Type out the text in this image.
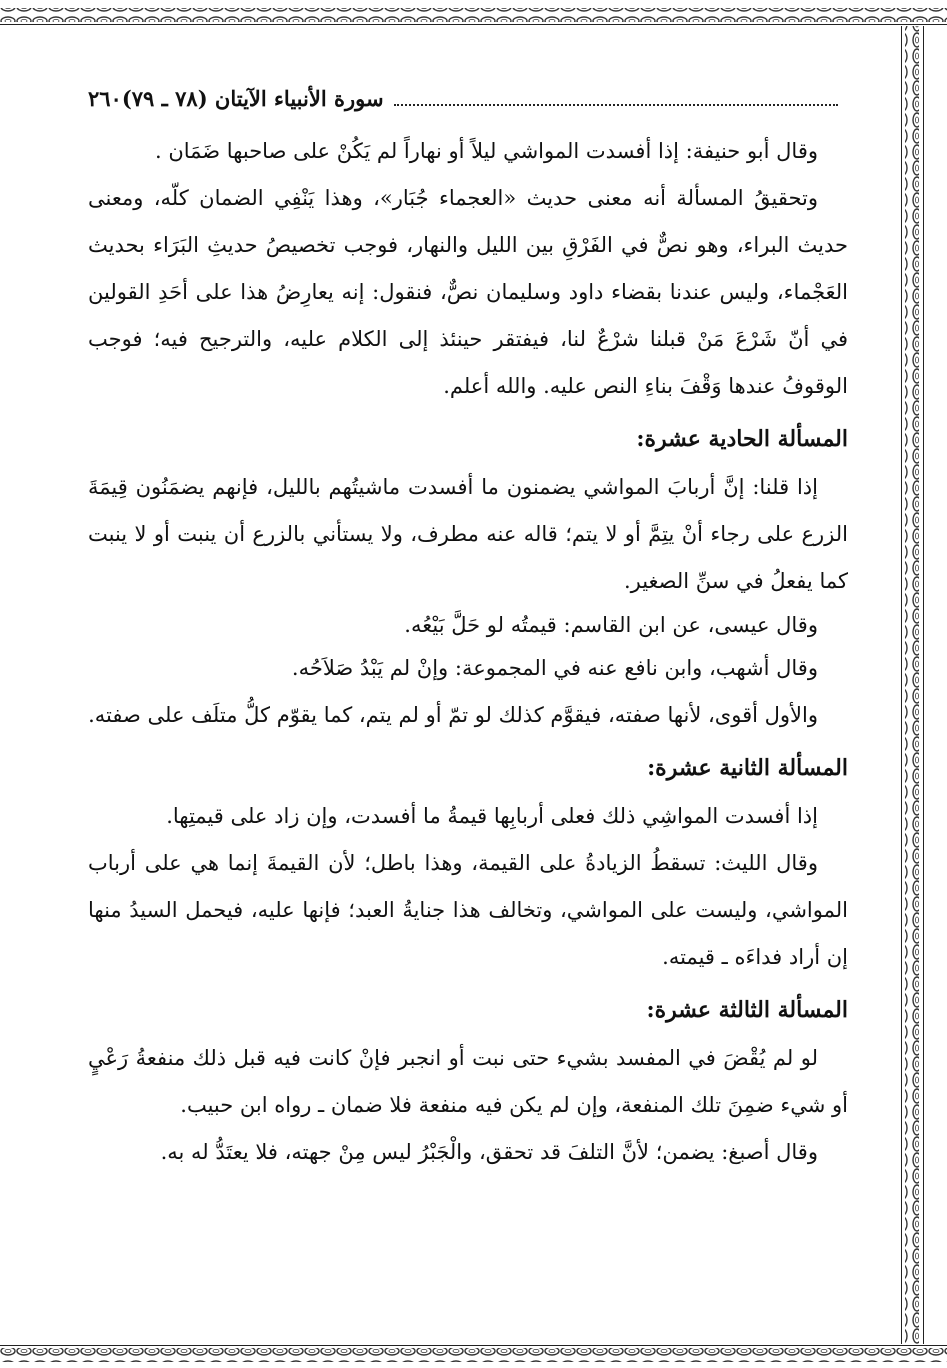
٢٦٠ سورة الأنبياء الآيتان (٧٨ ـ ٧٩)

وقال أبو حنيفة: إذا أفسدت المواشي ليلاً أو نهاراً لم يَكُنْ على صاحبها ضَمَان .

وتحقيقُ المسألة أنه معنى حديث «العجماء جُبَار»، وهذا يَنْفِي الضمان كلّه، ومعنى حديث البراء، وهو نصٌّ في الفَرْقِ بين الليل والنهار، فوجب تخصيصُ حديثِ البَرَاء بحديث العَجْماء، وليس عندنا بقضاء داود وسليمان نصٌّ، فنقول: إنه يعارِضُ هذا على أحَدِ القولين في أنّ شَرْعَ مَنْ قبلنا شرْعٌ لنا، فيفتقر حينئذ إلى الكلام عليه، والترجيح فيه؛ فوجب الوقوفُ عندها وَقْفَ بناءِ النص عليه. والله أعلم.

المسألة الحادية عشرة:

إذا قلنا: إنَّ أربابَ المواشي يضمنون ما أفسدت ماشيتُهم بالليل، فإنهم يضمَنُون قِيمَةَ الزرع على رجاء أنْ يتِمَّ أو لا يتم؛ قاله عنه مطرف، ولا يستأني بالزرع أن ينبت أو لا ينبت كما يفعلُ في سنِّ الصغير.

وقال عيسى، عن ابن القاسم: قيمتُه لو حَلَّ بَيْعُه.

وقال أشهب، وابن نافع عنه في المجموعة: وإنْ لم يَبْدُ صَلاَحُه.

والأول أقوى، لأنها صفته، فيقوَّم كذلك لو تمّ أو لم يتم، كما يقوّم كلُّ متلَف على صفته.

المسألة الثانية عشرة:

إذا أفسدت المواشِي ذلك فعلى أربابِها قيمةُ ما أفسدت، وإن زاد على قيمتِها.

وقال الليث: تسقطُ الزيادةُ على القيمة، وهذا باطل؛ لأن القيمةَ إنما هي على أرباب المواشي، وليست على المواشي، وتخالف هذا جنايةُ العبد؛ فإنها عليه، فيحمل السيدُ منها إن أراد فداءَه ـ قيمته.

المسألة الثالثة عشرة:

لو لم يُقْضَ في المفسد بشيء حتى نبت أو انجبر فإنْ كانت فيه قبل ذلك منفعةُ رَعْيٍ أو شيء ضمِنَ تلك المنفعة، وإن لم يكن فيه منفعة فلا ضمان ـ رواه ابن حبيب.

وقال أصبغ: يضمن؛ لأنَّ التلفَ قد تحقق، والْجَبْرُ ليس مِنْ جهته، فلا يعتَدُّ له به.
